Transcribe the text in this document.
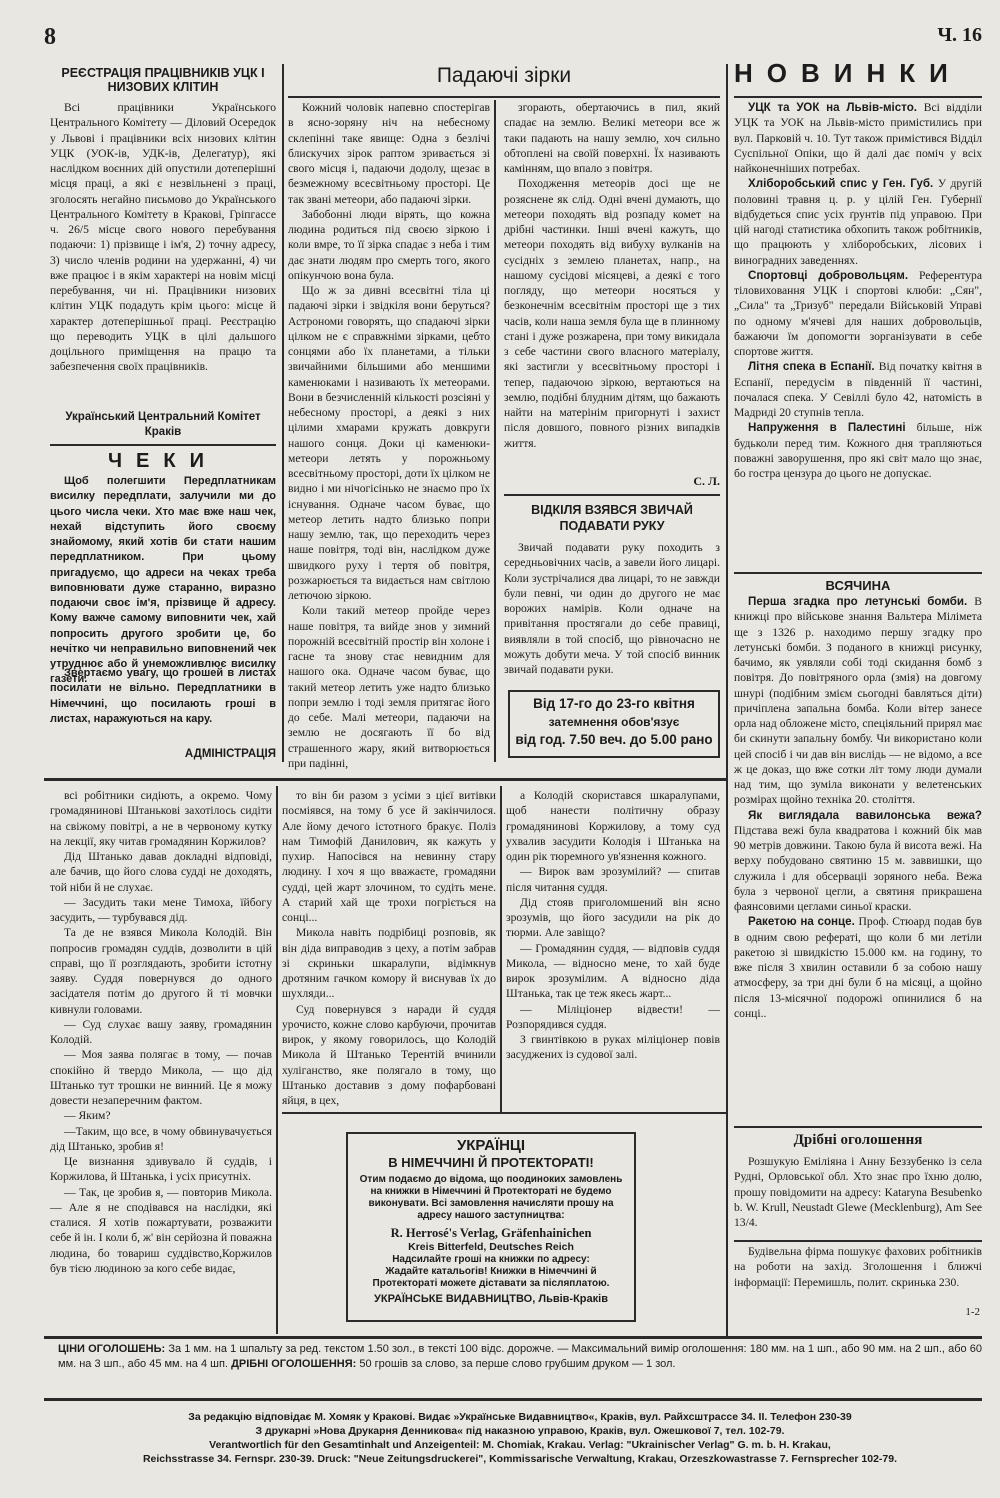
8	Ч. 16
РЕЄСТРАЦІЯ ПРАЦІВНИКІВ УЦК І НИЗОВИХ КЛІТИН

Всі працівники Українського Центрального Комітету — Діловий Осередок у Львові і працівники всіх низових клітин УЦК (УОК-ів, УДК-ів, Делегатур), які наслідком воєнних дій опустили дотеперішні місця праці, а які є незвільнені з праці, зголосять негайно письмово до Українського Центрального Комітету в Кракові, Гріпгассе ч. 26/5 місце свого нового перебування подаючи: 1) прізвище і ім'я, 2) точну адресу, 3) число членів родини на удержанні, 4) чи вже працює і в якім характері на новім місці перебування, чи ні. Працівники низових клітин УЦК подадуть крім цього: місце й характер дотеперішньої праці. Реєстрацію що переводить УЦК в цілі дальшого доцільного приміщення на працю та забезпечення своїх працівників.

Український Центральний Комітет
Краків
ЧЕКИ

Щоб полегшити Передплатникам висилку передплати, залучили ми до цього числа чеки. Хто має вже наш чек, нехай відступить його своєму знайомому, який хотів би стати нашим передплатником. При цьому пригадуємо, що адреси на чеках треба виповнювати дуже старанно, виразно подаючи своє ім'я, прізвище й адресу. Кому важче самому виповнити чек, хай попросить другого зробити це, бо нечітко чи неправильно виповнений чек утруднює або й унеможливлює висилку газети.

Звертаємо увагу, що грошей в листах посилати не вільно. Передплатники в Німеччині, що посилають гроші в листах, наражуються на кару.

АДМІНІСТРАЦІЯ
Падаючі зірки

Кожний чоловік напевно спостерігав в ясно-зоряну ніч на небесному склепінні таке явище: Одна з безлічі блискучих зірок раптом зривається зі свого місця і, падаючи додолу, щезає в безмежному всесвітньому просторі. Це так звані метеори, або падаючі зірки.

Забобонні люди вірять, що кожна людина родиться під своєю зіркою і коли вмре, то її зірка спадає з неба і тим дає знати людям про смерть того, якого опікунчою вона була.

Що ж за дивні всесвітні тіла ці падаючі зірки і звідкіля вони беруться? Астрономи говорять, що спадаючі зірки цілком не є справжніми зірками, цебто сонцями або їх планетами, а тільки звичайними більшими або меншими каменюками і називають їх метеорами. Вони в безчисленній кількості розсіяні у небесному просторі, а деякі з них цілими хмарами кружать довкруги нашого сонця. Доки ці каменюки-метеори летять у порожньому всесвітньому просторі, доти їх цілком не видно і ми нічогісінько не знаємо про їх існування. Одначе часом буває, що метеор летить надто близько попри нашу землю, так, що переходить через наше повітря, тоді він, наслідком дуже швидкого руху і тертя об повітря, розжарюється та видається нам світлою летючою зіркою.

Коли такий метеор пройде через наше повітря, та вийде знов у зимний порожній всесвітній простір він холоне і гасне та знову стає невидним для нашого ока. Одначе часом буває, що такий метеор летить уже надто близько попри землю і тоді земля притягає його до себе. Малі метеори, падаючи на землю не досягають її бо від страшенного жару, який витворюється при падінні,

згорають, обертаючись в пил, який спадає на землю. Великі метеори все ж таки падають на нашу землю, хоч сильно обтоплені на своїй поверхні. Їх називають камінням, що впало з повітря.

Походження метеорів досі ще не розяснене як слід. Одні вчені думають, що метеори походять від розпаду комет на дрібні частинки. Інші вчені кажуть, що метеори походять від вибуху вулканів на сусідніх з землею планетах, напр., на нашому сусідові місяцеві, а деякі є того погляду, що метеори носяться у безконечнім всесвітнім просторі ще з тих часів, коли наша земля була ще в плинному стані і дуже розжарена, при тому викидала з себе частини свого власного матеріалу, які застигли у всесвітньому просторі і тепер, падаючою зіркою, вертаються на землю, подібні блудним дітям, що бажають найти на матерінім пригорнуті і захист після довшого, повного різних випадків життя.

С. Л.
ВІДКІЛЯ ВЗЯВСЯ ЗВИЧАЙ ПОДАВАТИ РУКУ

Звичай подавати руку походить з середньовічних часів, а завели його лицарі. Коли зустрічалися два лицарі, то не завжди були певні, чи один до другого не має ворожих намірів. Коли одначе на привітання простягали до себе правиці, виявляли в той спосіб, що рівночасно не можуть добути меча. У той спосіб винник звичай подавати руки.

Від 17-го до 23-го квітня
затемнення обов'язує
від год. 7.50 веч. до 5.00 рано
НОВИНКИ

УЦК та УОК на Львів-місто. Всі відділи УЦК та УОК на Львів-місто примістились при вул. Парковій ч. 10. Тут також примістився Відділ Суспільної Опіки, що й далі дає поміч у всіх найконечніших потребах.

Хліборобський спис у Ген. Губ. У другій половині травня ц. р. у цілій Ген. Губернії відбудеться спис усіх ґрунтів під управою. При цій нагоді статистика обхопить також робітників, що працюють у хліборобських, лісових і виноградних заведеннях.

Спортовці добровольцям. Референтура тіловиховання УЦК і спортові клюби: „Сян", „Сила" та „Тризуб" передали Військовій Управі по одному м'ячеві для наших добровольців, бажаючи їм допомогти зорганізувати в себе спортове життя.

Літня спека в Еспанії. Від початку квітня в Еспанії, передусім в південній її частині, почалася спека. У Севіллі було 42, натомість в Мадриді 20 ступнів тепла.

Напруження в Палестині більше, ніж будьколи перед тим. Кожного дня трапляються поважні заворушення, про які світ мало що знає, бо гостра цензура до цього не допускає.

ВСЯЧИНА

Перша згадка про летунські бомби. В книжці про військове знання Вальтера Мілімета ще з 1326 р. находимо першу згадку про летунські бомби. З поданого в книжці рисунку, бачимо, як уявляли собі тоді скидання бомб з повітря. До повітряного орла (змія) на довгому шнурі (подібним змієм сьогодні бавляться діти) причіплена запальна бомба. Коли вітер занесе орла над обложене місто, спеціяльний прирял має би скинути запальну бомбу. Чи використано коли цей спосіб і чи дав він вислідь — не відомо, а все ж це доказ, що вже сотки літ тому люди думали над тим, що зуміла виконати у велетенських розмірах щойно техніка 20. століття.

Як виглядала вавилонська вежа? Підстава вежі була квадратова і кожний бік мав 90 метрів довжини. Такою була й висота вежі. На верху побудовано святиню 15 м. заввишки, що служила і для обсерваціі зоряного неба. Вежа була з червоної цегли, а святиня прикрашена фаянсовими цеглами синьої краски.

Ракетою на сонце. Проф. Стюард подав був в одним свою рефераті, що коли б ми летіли ракетою зі швидкістю 15.000 км. на годину, то вже після 3 хвилин оставили б за собою нашу атмосферу, за три дні були б на місяці, а щойно після 13-місячної подорожі опинилися б на сонці..

Дрібні оголошення

Розшукую Еміліяна і Анну Беззубенко із села Рудні, Орловської обл. Хто знає про їхню долю, прошу повідомити на адресу: Kataryna Besubenko b. W. Krull, Neustadt Glewe (Mecklenburg), Am See 13/4.

Будівельна фірма пошукує фахових робітників на роботи на захід. Зголошення і ближчі інформації: Перемишль, полит. скринька 230.

1-2

всі робітники сидіють, а окремо. Чому громадянинові Штанькові захотілось сидіти на свіжому повітрі, а не в червоному кутку на лекції, яку читав громадянин Коржилов?

Дід Штанько давав докладні відповіді, але бачив, що його слова судді не доходять, той ніби й не слухає.

— Засудить таки мене Тимоха, їйбогу засудить, — турбувався дід.

Та де не взявся Микола Колодій. Він попросив громадян суддів, дозволити в цій справі, що її розглядають, зробити істотну заяву. Суддя повернувся до одного засідателя потім до другого й ті мовчки кивнули головами.

— Суд слухає вашу заяву, громадянин Колодій.

— Моя заява полягає в тому, — почав спокійно й твердо Микола, — що дід Штанько тут трошки не винний. Це я можу довести незаперечним фактом.

— Яким?

—Таким, що все, в чому обвинувачується дід Штанько, зробив я!

Це визнання здивувало й суддів, і Коржилова, й Штанька, і усіх присутніх.

— Так, це зробив я, — повторив Микола. — Але я не сподівався на наслідки, які сталися. Я хотів пожартувати, розважити себе й ін. І коли б, ж' він серйозна й поважна людина, бо товариш суддівство,Коржилов був тією людиною за кого себе видає,

то він би разом з усіми з цієї витівки посміявся, на тому б усе й закінчилося. Але йому дечого істотного бракує. Поліз нам Тимофій Данилович, як кажуть у пухир. Напосівся на невинну стару людину. І хоч я що вважаєте, громадяни судді, цей жарт злочином, то судіть мене. А старий хай ще трохи погріється на сонці...

Микола навіть подрібиці розповів, як він діда виправодив з цеху, а потім забрав зі скриньки шкаралупи, відімкнув дротяним гачком комору й виснував їх до шухляди...

Суд повернувся з наради й суддя урочисто, кожне слово карбуючи, прочитав вирок, у якому говорилось, що Колодій Микола й Штанько Терентій вчинили хуліганство, яке полягало в тому, що Штанько доставив з дому пофарбовані яйця, в цех,

а Колодій скористався шкаралупами, щоб нанести політичну образу громадянинові Коржилову, а тому суд ухвалив засудити Колодія і Штанька на один рік тюремного ув'язнення кожного.

— Вирок вам зрозумілий? — спитав після читання суддя.

Дід стояв приголомшений він ясно зрозумів, що його засудили на рік до тюрми. Але завіщо?

— Громадянин суддя, — відповів суддя Микола, — відносно мене, то хай буде вирок зрозумілим. А відносно діда Штанька, так це теж якесь жарт...

— Міліціонер відвести! — Розпорядився суддя.

З гвинтівкою в руках міліціонер повів засуджених із судової залі.

УКРАЇНЦІ
В НІМЕЧЧИНІ Й ПРОТЕКТОРАТІ!
Отим подаємо до відома, що поодиноких замовлень на книжки в Німеччині й Протектораті не будемо виконувати. Всі замовлення начисляти прошу на адресу нашого заступництва:
R. Herrosé's Verlag, Gräfenhainichen
Kreis Bitterfeld, Deutsches Reich
Надсилайте гроші на книжки по адресу:
Жадайте катальогів! Книжки в Німеччині й Протектораті можете діставати за післяплатою.
УКРАЇНСЬКЕ ВИДАВНИЦТВО, Львів-Краків
ЦІНИ ОГОЛОШЕНЬ: За 1 мм. на 1 шпальту за ред. текстом 1.50 зол., в тексті 100 відс. дорожче. — Максимальний вимір оголошення: 180 мм. на 1 шп., або 90 мм. на 2 шп., або 60 мм. на 3 шп., або 45 мм. на 4 шп. ДРІБНІ ОГОЛОШЕННЯ: 50 грошів за слово, за перше слово грубшим друком — 1 зол.
За редакцію відповідає М. Хомяк у Кракові. Видає »Українське Видавництво«, Краків, вул. Райхсштрассе 34. II. Телефон 230-39
З друкарні »Нова Друкарня Денникова« під наказною управою, Краків, вул. Ожешкової 7, тел. 102-79.
Verantwortlich für den Gesamtinhalt und Anzeigenteil: M. Chomiak, Krakau. Verlag: "Ukrainischer Verlag" G. m. b. H. Krakau,
Reichsstrasse 34. Fernspr. 230-39. Druck: "Neue Zeitungsdruckerei", Kommissarische Verwaltung, Krakau, Orzeszkowastrasse 7. Fernsprecher 102-79.
